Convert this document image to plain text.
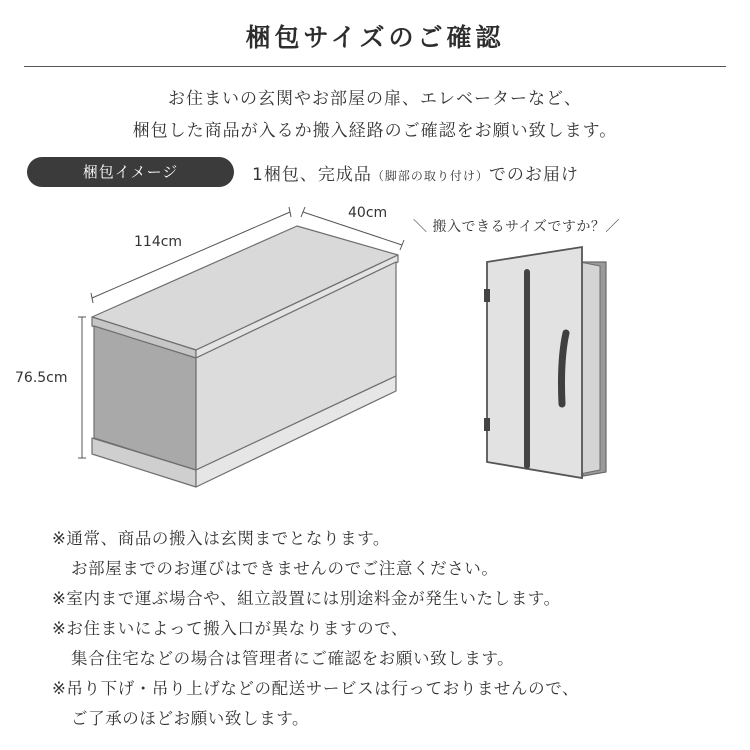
梱包サイズのご確認
お住まいの玄関やお部屋の扉、エレベーターなど、
梱包した商品が入るか搬入経路のご確認をお願い致します。
梱包イメージ	1梱包、完成品（脚部の取り付け）でのお届け
114cm
40cm
76.5cm
＼ 搬入できるサイズですか？／
※通常、商品の搬入は玄関までとなります。
お部屋までのお運びはできませんのでご注意ください。
※室内まで運ぶ場合や、組立設置には別途料金が発生いたします。
※お住まいによって搬入口が異なりますので、
集合住宅などの場合は管理者にご確認をお願い致します。
※吊り下げ・吊り上げなどの配送サービスは行っておりませんので、
ご了承のほどお願い致します。
